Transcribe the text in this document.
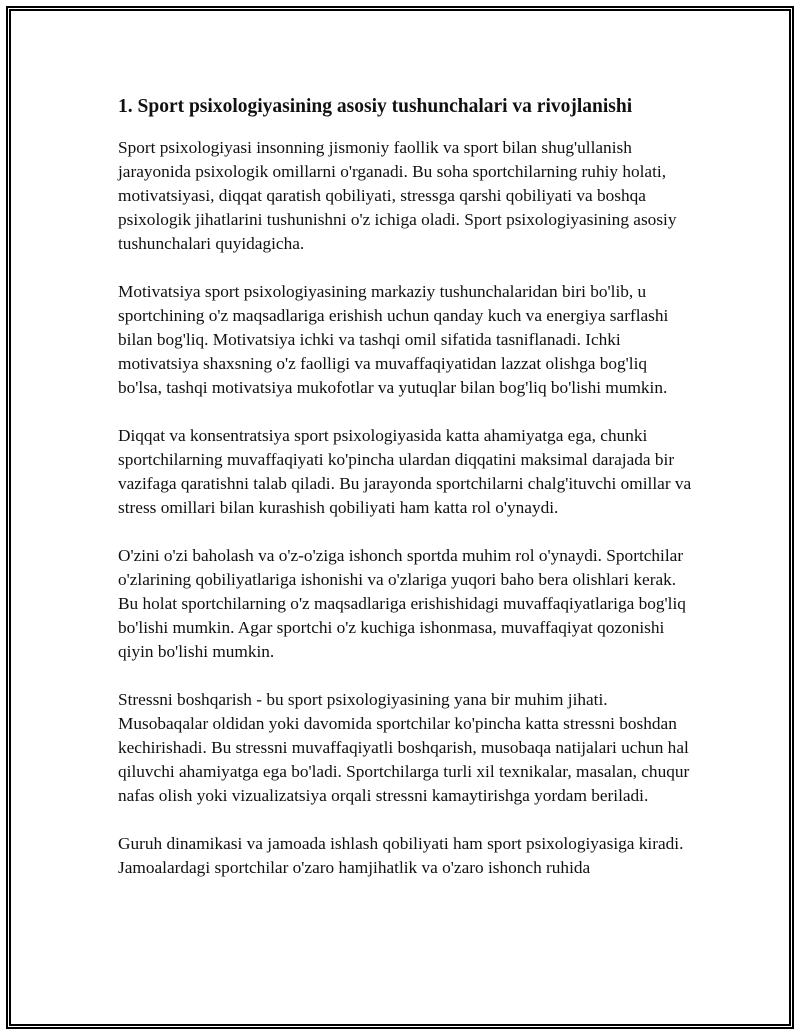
1. Sport psixologiyasining asosiy tushunchalari va rivojlanishi

Sport psixologiyasi insonning jismoniy faollik va sport bilan shug'ullanish jarayonida psixologik omillarni o'rganadi. Bu soha sportchilarning ruhiy holati, motivatsiyasi, diqqat qaratish qobiliyati, stressga qarshi qobiliyati va boshqa psixologik jihatlarini tushunishni o'z ichiga oladi. Sport psixologiyasining asosiy tushunchalari quyidagicha.

Motivatsiya sport psixologiyasining markaziy tushunchalaridan biri bo'lib, u sportchining o'z maqsadlariga erishish uchun qanday kuch va energiya sarflashi bilan bog'liq. Motivatsiya ichki va tashqi omil sifatida tasniflanadi. Ichki motivatsiya shaxsning o'z faolligi va muvaffaqiyatidan lazzat olishga bog'liq bo'lsa, tashqi motivatsiya mukofotlar va yutuqlar bilan bog'liq bo'lishi mumkin.

Diqqat va konsentratsiya sport psixologiyasida katta ahamiyatga ega, chunki sportchilarning muvaffaqiyati ko'pincha ulardan diqqatini maksimal darajada bir vazifaga qaratishni talab qiladi. Bu jarayonda sportchilarni chalg'ituvchi omillar va stress omillari bilan kurashish qobiliyati ham katta rol o'ynaydi.

O'zini o'zi baholash va o'z-o'ziga ishonch sportda muhim rol o'ynaydi. Sportchilar o'zlarining qobiliyatlariga ishonishi va o'zlariga yuqori baho bera olishlari kerak. Bu holat sportchilarning o'z maqsadlariga erishishidagi muvaffaqiyatlariga bog'liq bo'lishi mumkin. Agar sportchi o'z kuchiga ishonmasa, muvaffaqiyat qozonishi qiyin bo'lishi mumkin.

Stressni boshqarish - bu sport psixologiyasining yana bir muhim jihati. Musobaqalar oldidan yoki davomida sportchilar ko'pincha katta stressni boshdan kechirishadi. Bu stressni muvaffaqiyatli boshqarish, musobaqa natijalari uchun hal qiluvchi ahamiyatga ega bo'ladi. Sportchilarga turli xil texnikalar, masalan, chuqur nafas olish yoki vizualizatsiya orqali stressni kamaytirishga yordam beriladi.

Guruh dinamikasi va jamoada ishlash qobiliyati ham sport psixologiyasiga kiradi. Jamoalardagi sportchilar o'zaro hamjihatlik va o'zaro ishonch ruhida
